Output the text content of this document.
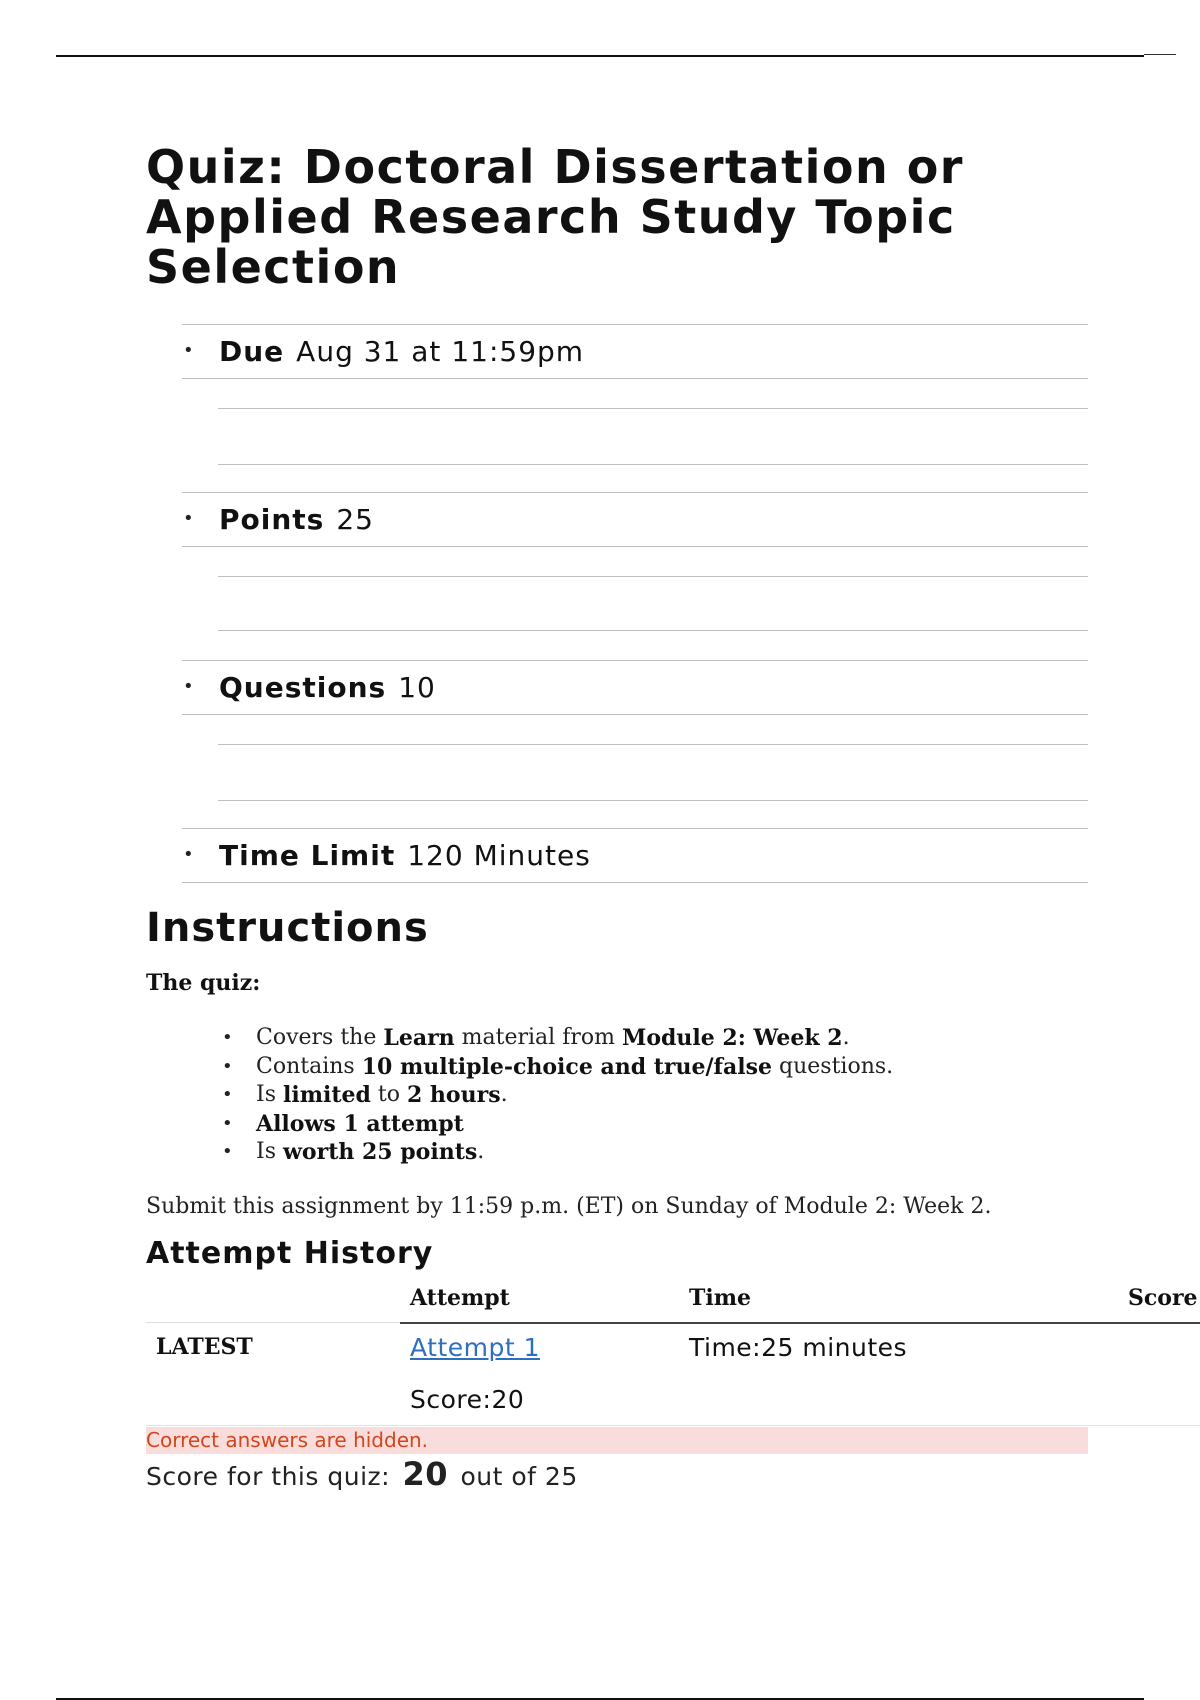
Quiz: Doctoral Dissertation or Applied Research Study Topic Selection
• Due Aug 31 at 11:59pm
• Points 25
• Questions 10
• Time Limit 120 Minutes
Instructions

The quiz:

•	Covers the Learn material from Module 2: Week 2 .
•	Contains 10 multiple-choice and true/false questions.
•	Is limited to 2 hours .
•	Allows 1 attempt
•	Is worth 25 points .

Submit this assignment by 11:59 p.m. (ET) on Sunday of Module 2: Week 2.

Attempt History
Attempt	Time	Score
LATEST	Attempt 1	Time:25 minutes
Score:20
Correct answers are hidden.
Score for this quiz: 20 out of 25
